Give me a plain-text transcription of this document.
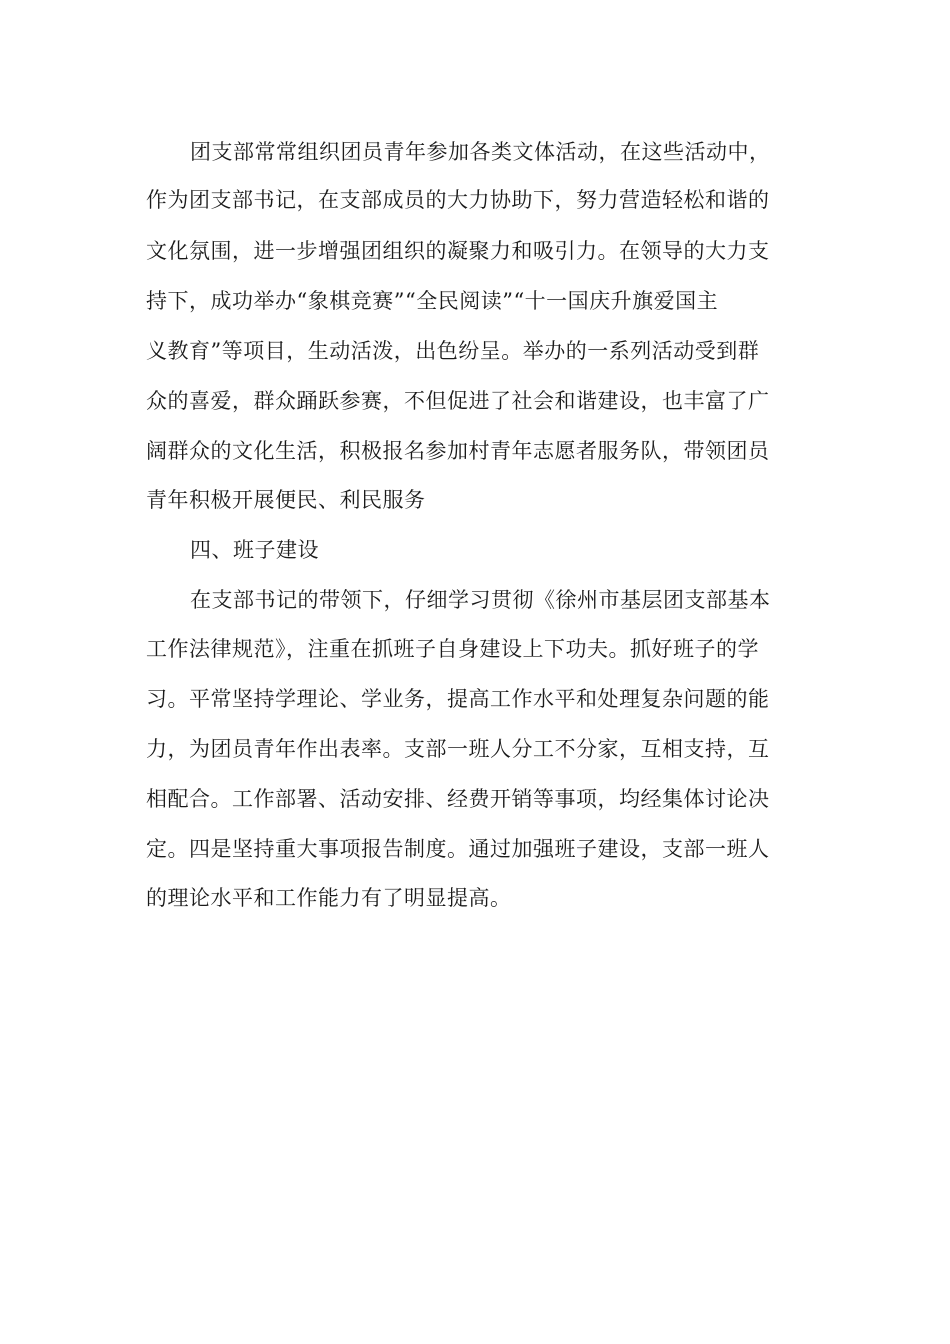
团支部常常组织团员青年参加各类文体活动，在这些活动中，
作为团支部书记，在支部成员的大力协助下，努力营造轻松和谐的
文化氛围，进一步增强团组织的凝聚力和吸引力。在领导的大力支
持下，成功举办“象棋竞赛”“全民阅读”“十一国庆升旗爱国主
义教育”等项目，生动活泼，出色纷呈。举办的一系列活动受到群
众的喜爱，群众踊跃参赛，不但促进了社会和谐建设，也丰富了广
阔群众的文化生活，积极报名参加村青年志愿者服务队，带领团员
青年积极开展便民、利民服务
四、班子建设
在支部书记的带领下，仔细学习贯彻《徐州市基层团支部基本
工作法律规范》，注重在抓班子自身建设上下功夫。抓好班子的学
习。平常坚持学理论、学业务，提高工作水平和处理复杂问题的能
力，为团员青年作出表率。支部一班人分工不分家，互相支持，互
相配合。工作部署、活动安排、经费开销等事项，均经集体讨论决
定。四是坚持重大事项报告制度。通过加强班子建设，支部一班人
的理论水平和工作能力有了明显提高。
